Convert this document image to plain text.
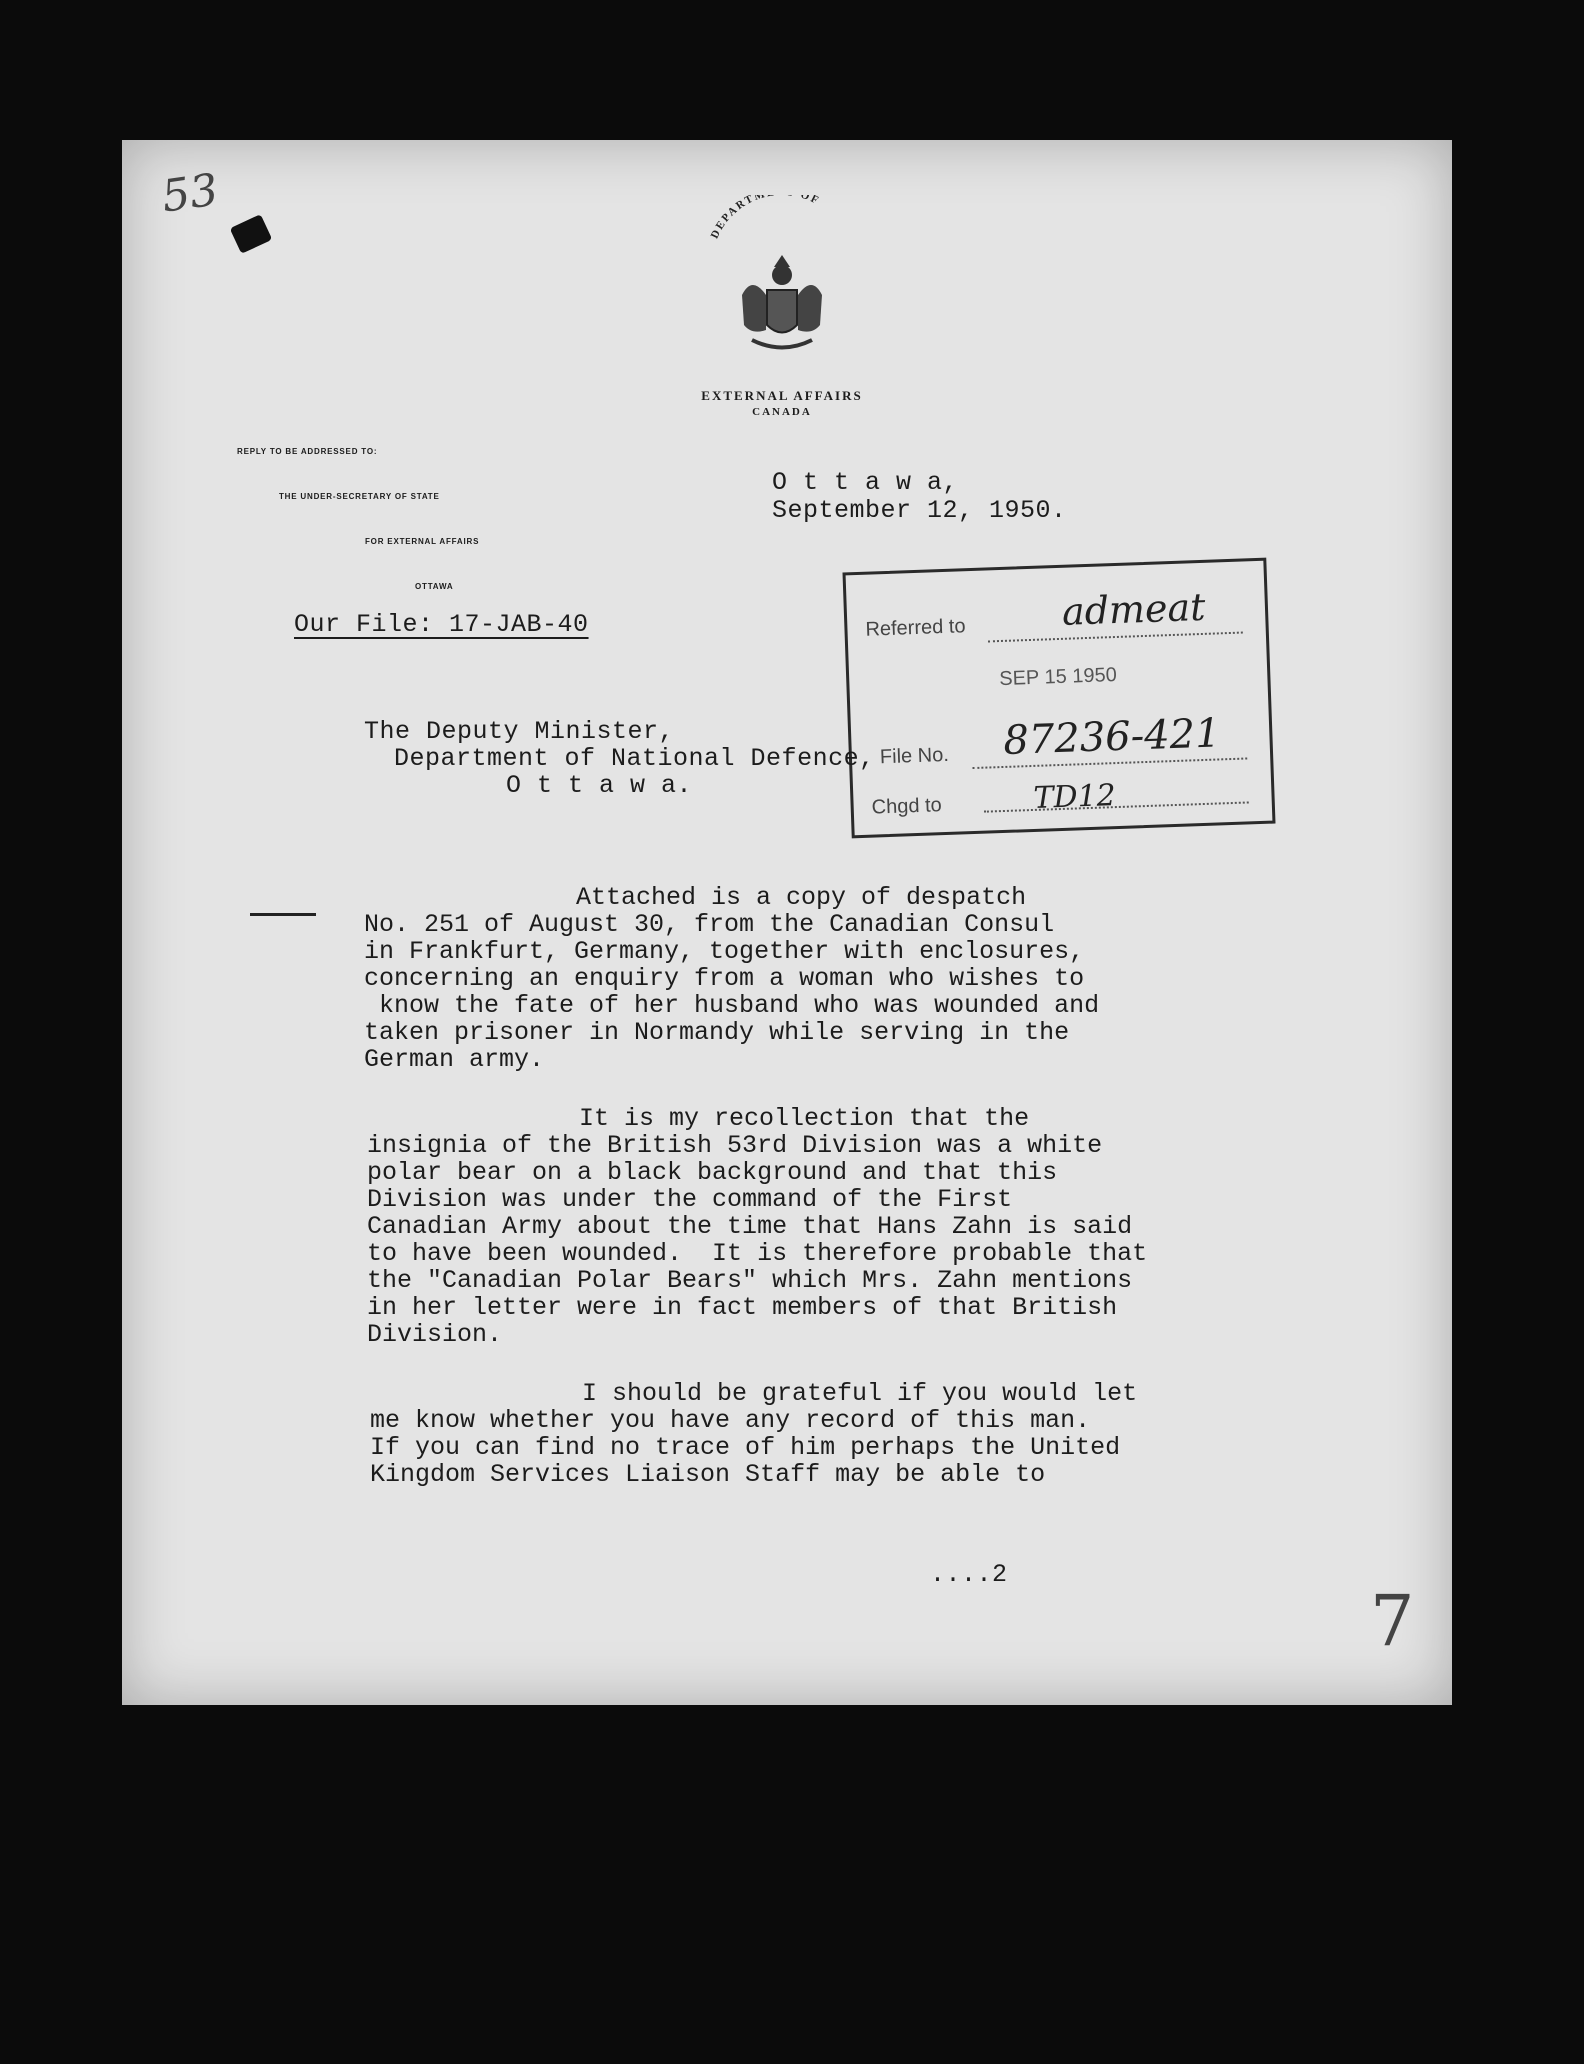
53
DEPARTM OF
EXTERNAL AFFAIRS
CANADA

REPLY TO BE ADDRESSED TO:

THE UNDER-SECRETARY OF STATE

FOR EXTERNAL AFFAIRS

OTTAWA

O t t a w a,
September 12, 1950.
Our File: 17-JAB-40	Referred to	admeat
SEP 15 1950
File No. 87236-421
Chgd to	TD12
The Deputy Minister,
Department of National Defence,
O t t a w a.
Attached is a copy of despatch
No. 251 of August 30, from the Canadian Consul
in Frankfurt, Germany, together with enclosures,
concerning an enquiry from a woman who wishes to
know the fate of her husband who was wounded and
taken prisoner in Normandy while serving in the
German army.
It is my recollection that the
insignia of the British 53rd Division was a white
polar bear on a black background and that this
Division was under the command of the First
Canadian Army about the time that Hans Zahn is said
to have been wounded.  It is therefore probable that
the "Canadian Polar Bears" which Mrs. Zahn mentions
in her letter were in fact members of that British
Division.
I should be grateful if you would let
me know whether you have any record of this man.
If you can find no trace of him perhaps the United
Kingdom Services Liaison Staff may be able to
....2
7
